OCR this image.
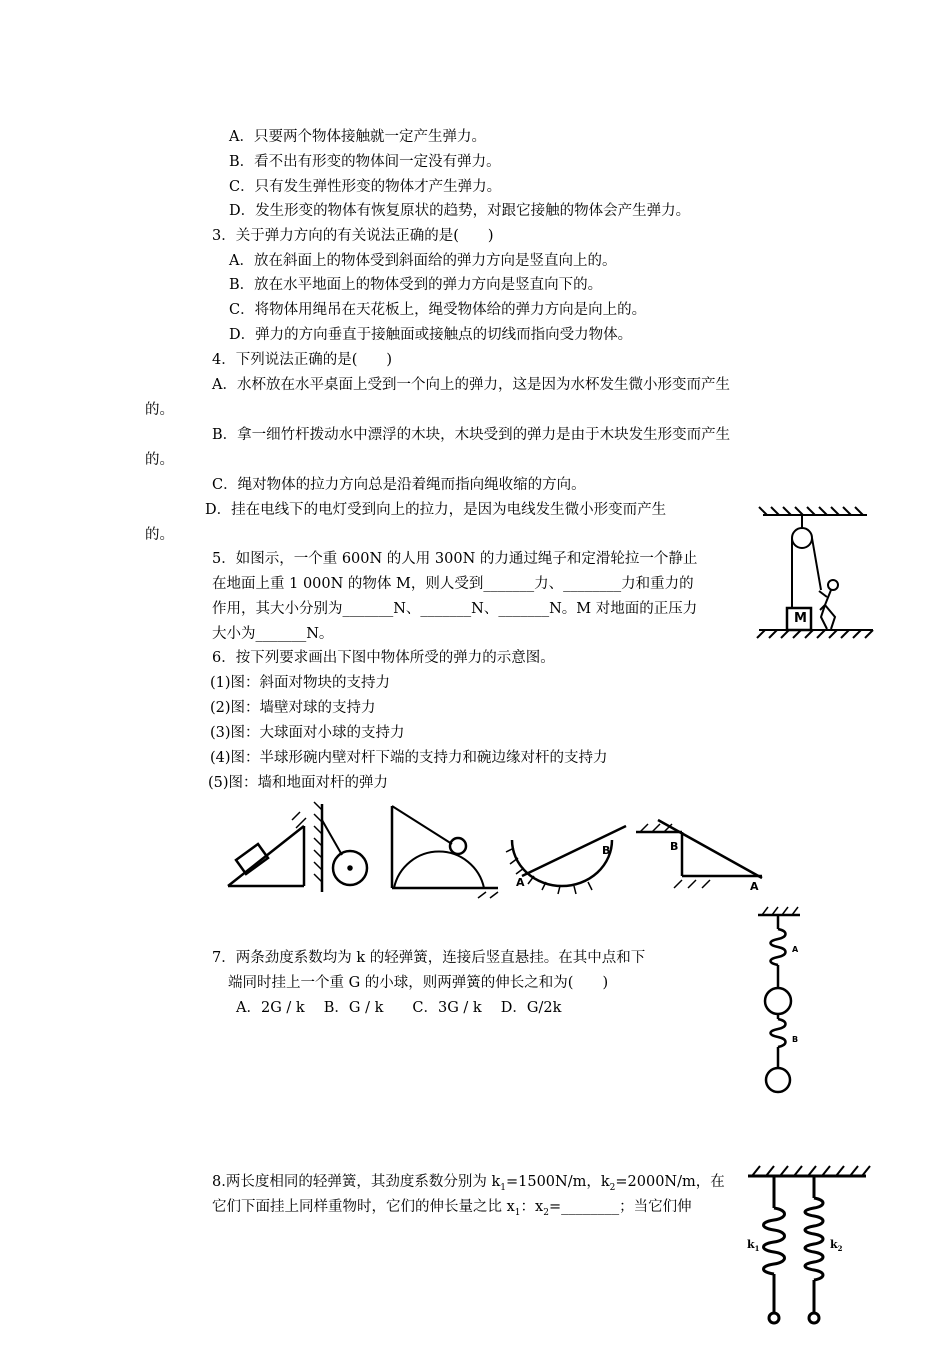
A．只要两个物体接触就一定产生弹力。
B．看不出有形变的物体间一定没有弹力。
C．只有发生弹性形变的物体才产生弹力。
D．发生形变的物体有恢复原状的趋势，对跟它接触的物体会产生弹力。
3．关于弹力方向的有关说法正确的是(　　)
A．放在斜面上的物体受到斜面给的弹力方向是竖直向上的。
B．放在水平地面上的物体受到的弹力方向是竖直向下的。
C．将物体用绳吊在天花板上，绳受物体给的弹力方向是向上的。
D．弹力的方向垂直于接触面或接触点的切线而指向受力物体。
4．下列说法正确的是(　　)
A．水杯放在水平桌面上受到一个向上的弹力，这是因为水杯发生微小形变而产生
的。
B．拿一细竹杆拨动水中漂浮的木块，木块受到的弹力是由于木块发生形变而产生
的。
C．绳对物体的拉力方向总是沿着绳而指向绳收缩的方向。
D．挂在电线下的电灯受到向上的拉力，是因为电线发生微小形变而产生
的。
5．如图示，一个重 600N 的人用 300N 的力通过绳子和定滑轮拉一个静止
在地面上重 1 000N 的物体 M，则人受到_______力、________力和重力的
作用，其大小分别为_______N、_______N、_______N。M 对地面的正压力
大小为_______N。
M
6．按下列要求画出下图中物体所受的弹力的示意图。
(1)图：斜面对物块的支持力
(2)图：墙壁对球的支持力
(3)图：大球面对小球的支持力
(4)图：半球形碗内壁对杆下端的支持力和碗边缘对杆的支持力
(5)图：墙和地面对杆的弹力
A
B	B
A
7．两条劲度系数均为 k 的轻弹簧，连接后竖直悬挂。在其中点和下
端同时挂上一个重 G 的小球，则两弹簧的伸长之和为(　　)
A．2G / k　 B．G / k　　C．3G / k　 D．G/2k
A
B
8.两长度相同的轻弹簧，其劲度系数分别为 $k_1=1500N/m$，$k_2=2000N/m$，在
它们下面挂上同样重物时，它们的伸长量之比 $x_1$：$x_2=\_\_\_\_\_\_\_\_$；当它们伸
$k_1$	$k_2$
